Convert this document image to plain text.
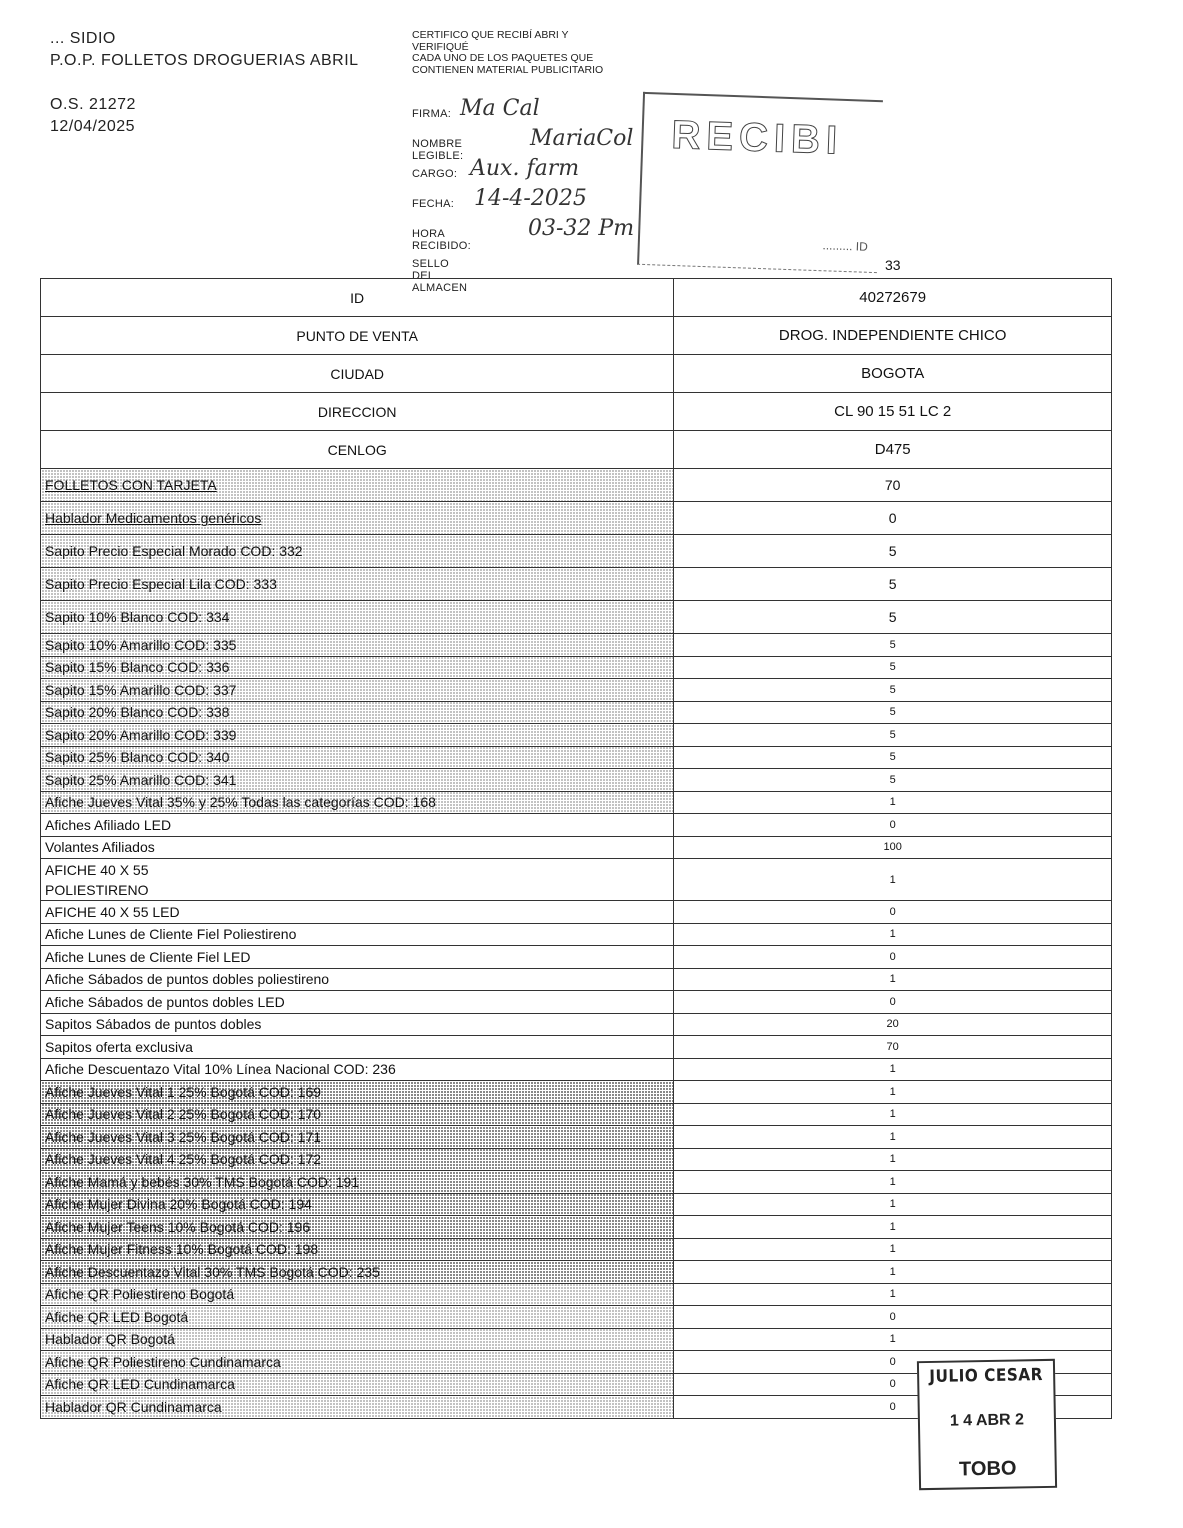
... SIDIO
P.O.P. FOLLETOS DROGUERIAS ABRIL
O.S. 21272
12/04/2025
CERTIFICO QUE RECIBÍ ABRI Y
VERIFIQUÉ
CADA UNO DE LOS PAQUETES QUE
CONTIENEN MATERIAL PUBLICITARIO
FIRMA: Ma Cal
NOMBRE LEGIBLE:
MariaCol
CARGO: Aux. farm
FECHA: 14-4-2025
HORA RECIBIDO:
03-32 Pm
SELLO DEL ALMACEN
RECIBI
......... ID
33
ID	40272679
PUNTO DE VENTA	DROG. INDEPENDIENTE CHICO
CIUDAD	BOGOTA
DIRECCION	CL 90 15 51 LC 2
CENLOG	D475
FOLLETOS CON TARJETA	70
Hablador Medicamentos genéricos	0
Sapito Precio Especial Morado COD: 332	5
Sapito Precio Especial Lila COD: 333	5
Sapito 10% Blanco COD: 334	5
Sapito 10% Amarillo COD: 335	5
Sapito 15% Blanco COD: 336	5
Sapito 15% Amarillo COD: 337	5
Sapito 20% Blanco COD: 338	5
Sapito 20% Amarillo COD: 339	5
Sapito 25% Blanco COD: 340	5
Sapito 25% Amarillo COD: 341	5
Afiche Jueves Vital 35% y 25% Todas las categorías COD: 168	1
Afiches Afiliado LED	0
Volantes Afiliados	100

AFICHE 40 X 55
POLIESTIRENO	1
AFICHE 40 X 55 LED	0
Afiche Lunes de Cliente Fiel Poliestireno	1
Afiche Lunes de Cliente Fiel LED	0
Afiche Sábados de puntos dobles poliestireno	1
Afiche Sábados de puntos dobles LED	0
Sapitos Sábados de puntos dobles	20
Sapitos oferta exclusiva	70
Afiche Descuentazo Vital 10% Línea Nacional COD: 236	1
Afiche Jueves Vital 1 25% Bogotá COD: 169	1
Afiche Jueves Vital 2 25% Bogotá COD: 170	1
Afiche Jueves Vital 3 25% Bogotá COD: 171	1
Afiche Jueves Vital 4 25% Bogotá COD: 172	1
Afiche Mamá y bebés 30% TMS Bogotá COD: 191	1
Afiche Mujer Divina 20% Bogotá COD: 194	1
Afiche Mujer Teens 10% Bogotá COD: 196	1
Afiche Mujer Fitness 10% Bogotá COD: 198	1
Afiche Descuentazo Vital 30% TMS Bogotá COD: 235	1
Afiche QR Poliestireno Bogotá	1
Afiche QR LED Bogotá	0
Hablador QR Bogotá	1
Afiche QR Poliestireno Cundinamarca	0
Afiche QR LED Cundinamarca	0
Hablador QR Cundinamarca	0
JULIO CESAR
1 4 ABR 2
TOBO
